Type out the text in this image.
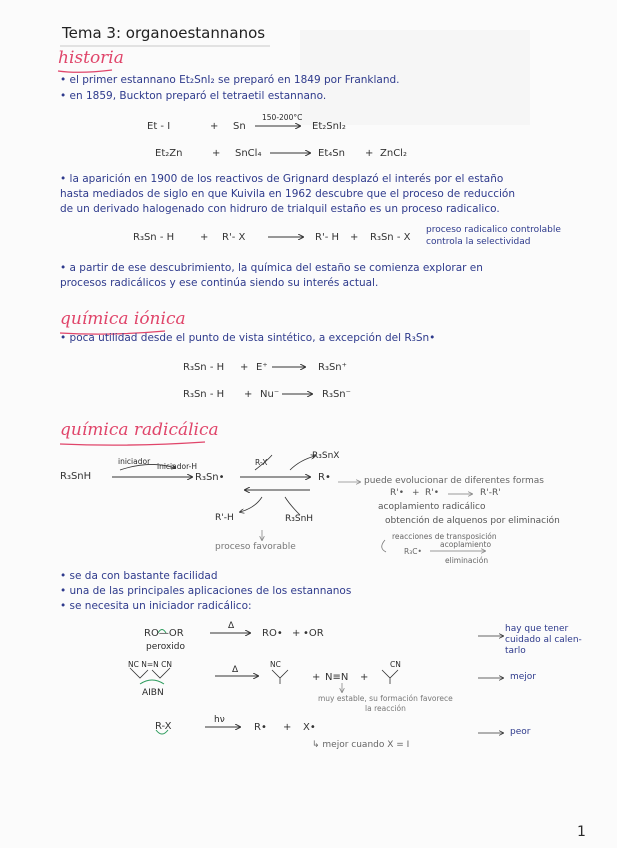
Tema 3: organoestannanos
historia
• el primer estannano Et₂SnI₂ se preparó en 1849 por Frankland.
• en 1859, Buckton preparó el tetraetil estannano.
Et - I	+ Sn
150-200°C
Et₂SnI₂
Et₂Zn	+ SnCl₄	Et₄Sn + ZnCl₂
• la aparición en 1900 de los reactivos de Grignard desplazó el interés por el estaño
hasta mediados de siglo en que Kuivila en 1962 descubre que el proceso de reducción
de un derivado halogenado con hidruro de trialquil estaño es un proceso radicalico.
R₃Sn - H	+ R'- X	R'- H + R₃Sn - X
proceso radicalico controlable
controla la selectividad
• a partir de ese descubrimiento, la química del estaño se comienza explorar en
procesos radicálicos y ese continúa siendo su interés actual.
química iónica
• poca utilidad desde el punto de vista sintético, a excepción del R₃Sn•
R₃Sn - H + E⁺	R₃Sn⁺
R₃Sn - H + Nu⁻	R₃Sn⁻
química radicálica
R₃SnH
iniciador
iniciador-H
R₃Sn•
R-X
R₃SnX
R•
R'-H	R₃SnH
proceso favorable
puede evolucionar de diferentes formas
R'• + R'•	R'-R'
acoplamiento radicálico
obtención de alquenos por eliminación
reacciones de transposición
R₃C•
acoplamiento
eliminación
• se da con bastante facilidad
• una de las principales aplicaciones de los estannanos
• se necesita un iniciador radicálico:
RO—OR
peroxido
Δ
RO• + •OR	hay que tener
cuidado al calen-
tarlo
NC N=N CN
AIBN
Δ
NC
+ N≡N +
CN
muy estable, su formación favorece
la reacción
mejor
R-X
hν
R• + X•
↳ mejor cuando X = I
peor
1
